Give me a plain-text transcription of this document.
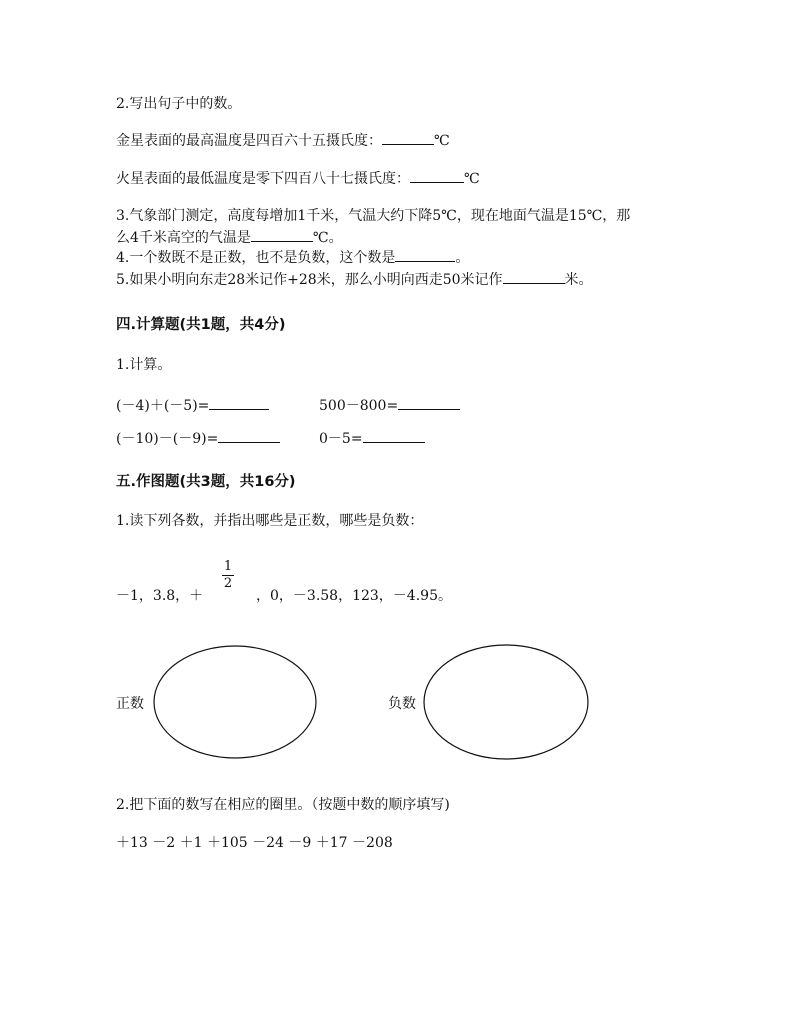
2.写出句子中的数。
金星表面的最高温度是四百六十五摄氏度：	℃
火星表面的最低温度是零下四百八十七摄氏度：	℃
3.气象部门测定，高度每增加1千米，气温大约下降5℃，现在地面气温是15℃，那
么4千米高空的气温是	℃。
4.一个数既不是正数，也不是负数，这个数是	。
5.如果小明向东走28米记作+28米，那么小明向西走50米记作	米。
四.计算题(共1题，共4分)
1.计算。
(－4)＋(－5)=	500－800=
(－10)－(－9)=	0－5=
五.作图题(共3题，共16分)
1.读下列各数，并指出哪些是正数，哪些是负数：
－1，3.8，＋
1
2
，0，－3.58，123，－4.95。
正数	负数
2.把下面的数写在相应的圈里。（按题中数的顺序填写)
＋13 －2 ＋1 ＋105 －24 －9 ＋17 －208
